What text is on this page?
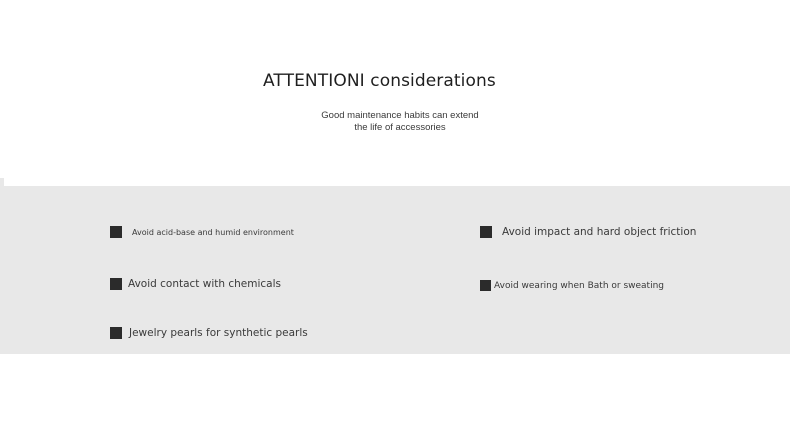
ATTENTIONI considerations
Good maintenance habits can extend
the life of accessories
Avoid acid-base and humid environment
Avoid contact with chemicals
Jewelry pearls for synthetic pearls
Avoid impact and hard object friction
Avoid wearing when Bath or sweating
